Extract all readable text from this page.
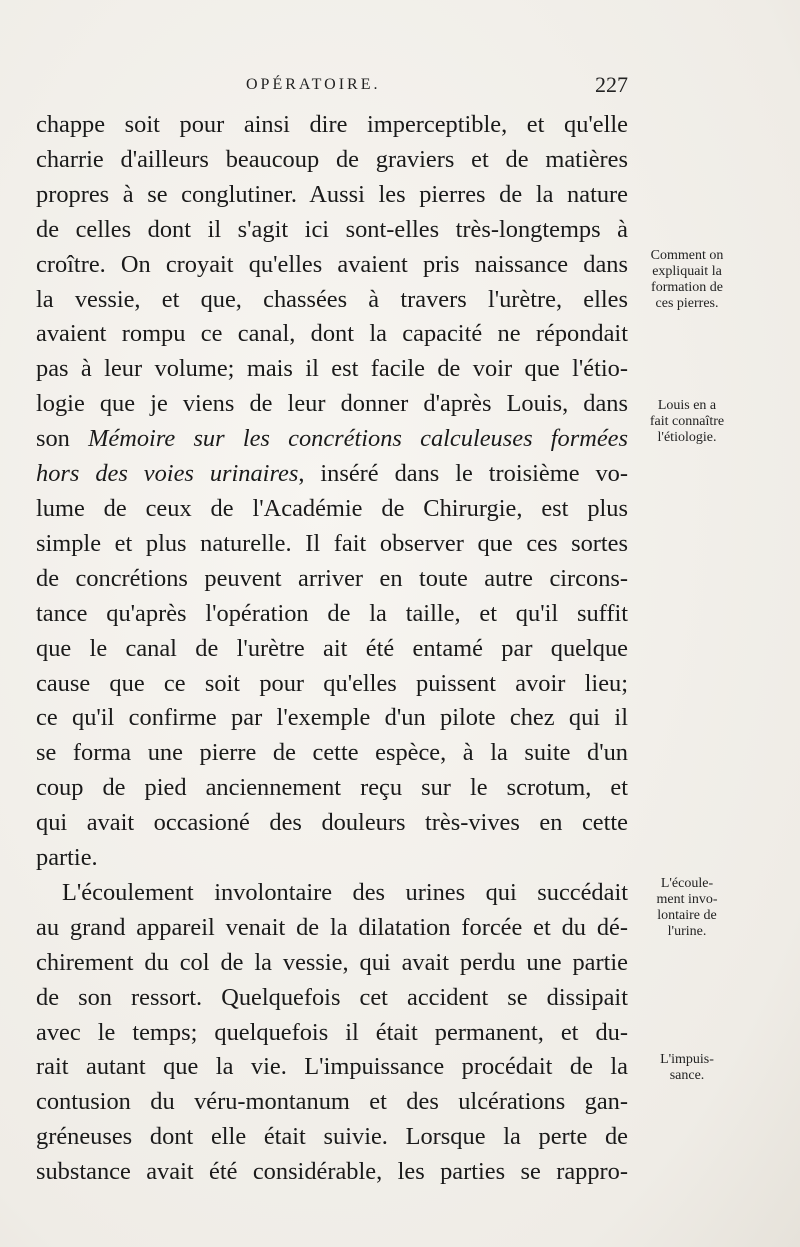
OPÉRATOIRE.	227
chappe soit pour ainsi dire imperceptible, et qu'elle
charrie d'ailleurs beaucoup de graviers et de matières
propres à se conglutiner. Aussi les pierres de la nature
de celles dont il s'agit ici sont-elles très-longtemps à
croître. On croyait qu'elles avaient pris naissance dans
la vessie, et que, chassées à travers l'urètre, elles
avaient rompu ce canal, dont la capacité ne répondait
pas à leur volume; mais il est facile de voir que l'étio-
logie que je viens de leur donner d'après Louis, dans
son Mémoire sur les concrétions calculeuses formées
hors des voies urinaires, inséré dans le troisième vo-
lume de ceux de l'Académie de Chirurgie, est plus
simple et plus naturelle. Il fait observer que ces sortes
de concrétions peuvent arriver en toute autre circons-
tance qu'après l'opération de la taille, et qu'il suffit
que le canal de l'urètre ait été entamé par quelque
cause que ce soit pour qu'elles puissent avoir lieu;
ce qu'il confirme par l'exemple d'un pilote chez qui il
se forma une pierre de cette espèce, à la suite d'un
coup de pied anciennement reçu sur le scrotum, et
qui avait occasioné des douleurs très-vives en cette
partie.
L'écoulement involontaire des urines qui succédait
au grand appareil venait de la dilatation forcée et du dé-
chirement du col de la vessie, qui avait perdu une partie
de son ressort. Quelquefois cet accident se dissipait
avec le temps; quelquefois il était permanent, et du-
rait autant que la vie. L'impuissance procédait de la
contusion du véru-montanum et des ulcérations gan-
gréneuses dont elle était suivie. Lorsque la perte de
substance avait été considérable, les parties se rappro-
Comment on
expliquait la
formation de
ces pierres.
Louis en a
fait connaître
l'étiologie.
L'écoule-
ment invo-
lontaire de
l'urine.
L'impuis-
sance.
